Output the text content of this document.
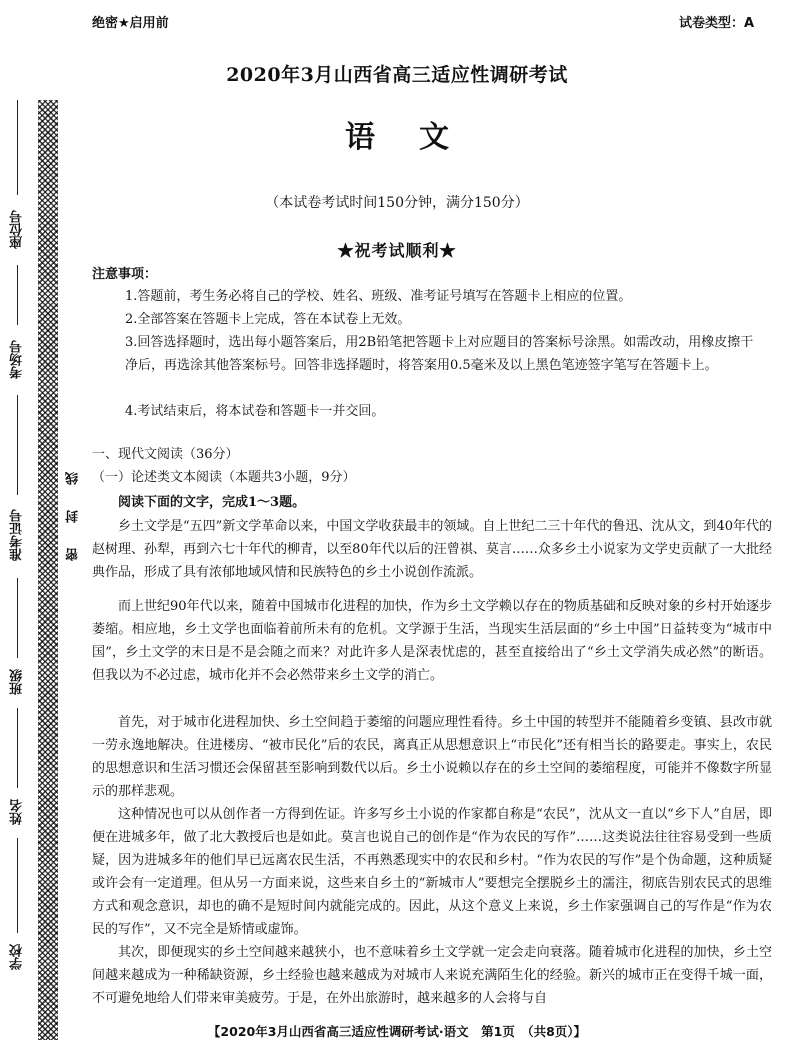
绝密★启用前	试卷类型：A
2020年3月山西省高三适应性调研考试
语文
（本试卷考试时间150分钟，满分150分）
★祝考试顺利★
注意事项：
1.答题前，考生务必将自己的学校、姓名、班级、准考证号填写在答题卡上相应的位置。
2.全部答案在答题卡上完成，答在本试卷上无效。
3.回答选择题时，选出每小题答案后，用2B铅笔把答题卡上对应题目的答案标号涂黑。如需改动，用橡皮擦干净后，再选涂其他答案标号。回答非选择题时，将答案用0.5毫米及以上黑色笔迹签字笔写在答题卡上。
4.考试结束后，将本试卷和答题卡一并交回。
一、现代文阅读（36分）
（一）论述类文本阅读（本题共3小题，9分）
阅读下面的文字，完成1～3题。
乡土文学是“五四”新文学革命以来，中国文学收获最丰的领域。自上世纪二三十年代的鲁迅、沈从文，到40年代的赵树理、孙犁，再到六七十年代的柳青，以至80年代以后的汪曾祺、莫言……众多乡土小说家为文学史贡献了一大批经典作品，形成了具有浓郁地域风情和民族特色的乡土小说创作流派。
而上世纪90年代以来，随着中国城市化进程的加快，作为乡土文学赖以存在的物质基础和反映对象的乡村开始逐步萎缩。相应地，乡土文学也面临着前所未有的危机。文学源于生活，当现实生活层面的“乡土中国”日益转变为“城市中国”，乡土文学的末日是不是会随之而来？对此许多人是深表忧虑的，甚至直接给出了“乡土文学消失成必然”的断语。但我以为不必过虑，城市化并不会必然带来乡土文学的消亡。
首先，对于城市化进程加快、乡土空间趋于萎缩的问题应理性看待。乡土中国的转型并不能随着乡变镇、县改市就一劳永逸地解决。住进楼房、“被市民化”后的农民，离真正从思想意识上“市民化”还有相当长的路要走。事实上，农民的思想意识和生活习惯还会保留甚至影响到数代以后。乡土小说赖以存在的乡土空间的萎缩程度，可能并不像数字所显示的那样悲观。
这种情况也可以从创作者一方得到佐证。许多写乡土小说的作家都自称是“农民”，沈从文一直以“乡下人”自居，即便在进城多年，做了北大教授后也是如此。莫言也说自己的创作是“作为农民的写作”……这类说法往往容易受到一些质疑，因为进城多年的他们早已远离农民生活，不再熟悉现实中的农民和乡村。“作为农民的写作”是个伪命题，这种质疑或许会有一定道理。但从另一方面来说，这些来自乡土的“新城市人”要想完全摆脱乡土的濡注，彻底告别农民式的思维方式和观念意识，却也的确不是短时间内就能完成的。因此，从这个意义上来说，乡土作家强调自己的写作是“作为农民的写作”，又不完全是矫情或虚饰。
其次，即便现实的乡土空间越来越狭小，也不意味着乡土文学就一定会走向衰落。随着城市化进程的加快，乡土空间越来越成为一种稀缺资源，乡土经验也越来越成为对城市人来说充满陌生化的经验。新兴的城市正在变得千城一面，不可避免地给人们带来审美疲劳。于是，在外出旅游时，越来越多的人会将与自
【2020年3月山西省高三适应性调研考试·语文　第1页　（共8页）】
座位号
考场号
准考证号
班级
姓名
学校
线
封
密
